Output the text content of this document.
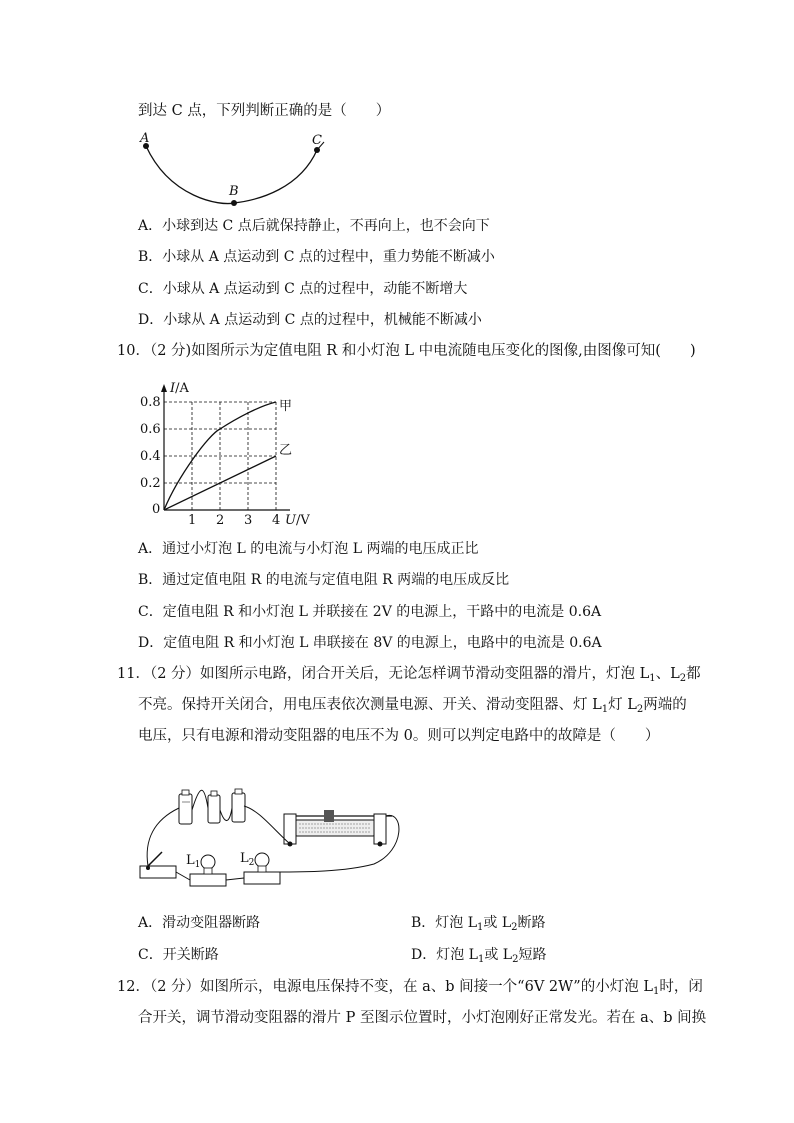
到达 C 点，下列判断正确的是（　　）
A
B
C
A．小球到达 C 点后就保持静止，不再向上，也不会向下
B．小球从 A 点运动到 C 点的过程中，重力势能不断减小
C．小球从 A 点运动到 C 点的过程中，动能不断增大
D．小球从 A 点运动到 C 点的过程中，机械能不断减小
10．（2 分)如图所示为定值电阻 R 和小灯泡 L 中电流随电压变化的图像,由图像可知(　　)
1 2 3 4
0.2
0.4
0.6
0.8	甲
乙
I/A
U/V
0
A．通过小灯泡 L 的电流与小灯泡 L 两端的电压成正比
B．通过定值电阻 R 的电流与定值电阻 R 两端的电压成反比
C．定值电阻 R 和小灯泡 L 并联接在 2V 的电源上，干路中的电流是 0.6A
D．定值电阻 R 和小灯泡 L 串联接在 8V 的电源上，电路中的电流是 0.6A
11．（2 分）如图所示电路，闭合开关后，无论怎样调节滑动变阻器的滑片，灯泡 $L_1$、$L_2$都
不亮。保持开关闭合，用电压表依次测量电源、开关、滑动变阻器、灯 $L_1$灯 $L_2$两端的
电压，只有电源和滑动变阻器的电压不为 0。则可以判定电路中的故障是（　　）
$L_1$	$L_2$
A．滑动变阻器断路	B．灯泡 $L_1$或 $L_2$断路
C．开关断路	D．灯泡 $L_1$或 $L_2$短路
12．（2 分）如图所示，电源电压保持不变，在 a、b 间接一个“6V 2W”的小灯泡 $L_1$时，闭
合开关，调节滑动变阻器的滑片 P 至图示位置时，小灯泡刚好正常发光。若在 a、b 间换
